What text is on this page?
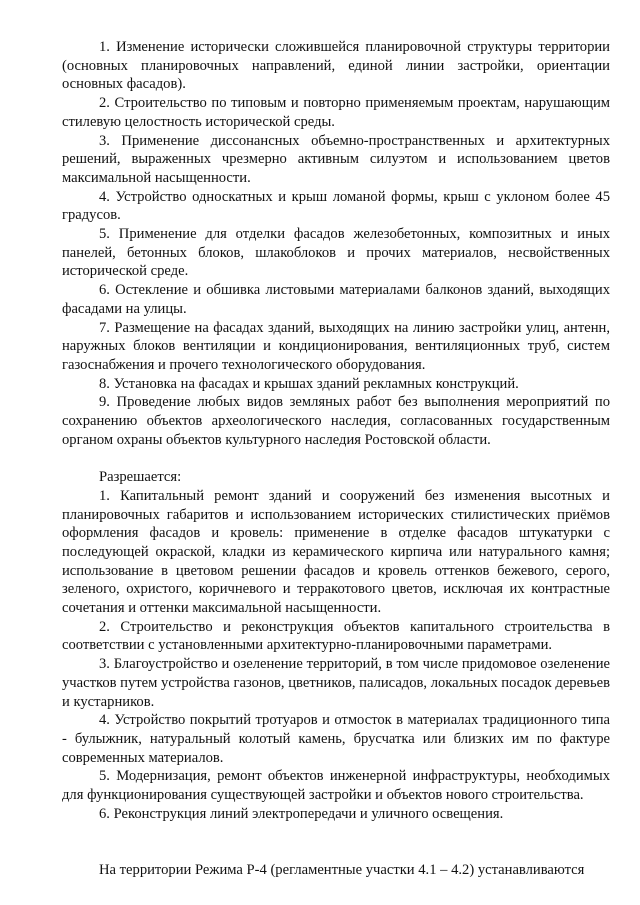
1. Изменение исторически сложившейся планировочной структуры территории (основных планировочных направлений, единой линии застройки, ориентации основных фасадов).

2. Строительство по типовым и повторно применяемым проектам, нарушающим стилевую целостность исторической среды.

3. Применение диссонансных объемно-пространственных и архитектурных решений, выраженных чрезмерно активным силуэтом и использованием цветов максимальной насыщенности.

4. Устройство односкатных и крыш ломаной формы, крыш с уклоном более 45 градусов.

5. Применение для отделки фасадов железобетонных, композитных и иных панелей, бетонных блоков, шлакоблоков и прочих материалов, несвойственных исторической среде.

6. Остекление и обшивка листовыми материалами балконов зданий, выходящих фасадами на улицы.

7. Размещение на фасадах зданий, выходящих на линию застройки улиц, антенн, наружных блоков вентиляции и кондиционирования, вентиляционных труб, систем газоснабжения и прочего технологического оборудования.

8. Установка на фасадах и крышах зданий рекламных конструкций.

9. Проведение любых видов земляных работ без выполнения мероприятий по сохранению объектов археологического наследия, согласованных государственным органом охраны объектов культурного наследия Ростовской области.

Разрешается:

1. Капитальный ремонт зданий и сооружений без изменения высотных и планировочных габаритов и использованием исторических стилистических приёмов оформления фасадов и кровель: применение в отделке фасадов штукатурки с последующей окраской, кладки из керамического кирпича или натурального камня; использование в цветовом решении фасадов и кровель оттенков бежевого, серого, зеленого, охристого, коричневого и терракотового цветов, исключая их контрастные сочетания и оттенки максимальной насыщенности.

2. Строительство и реконструкция объектов капитального строительства в соответствии с установленными архитектурно-планировочными параметрами.

3. Благоустройство и озеленение территорий, в том числе придомовое озеленение участков путем устройства газонов, цветников, палисадов, локальных посадок деревьев и кустарников.

4. Устройство покрытий тротуаров и отмосток в материалах традиционного типа - булыжник, натуральный колотый камень, брусчатка или близких им по фактуре современных материалов.

5. Модернизация, ремонт объектов инженерной инфраструктуры, необходимых для функционирования существующей застройки и объектов нового строительства.

6. Реконструкция линий электропередачи и уличного освещения.

На территории Режима Р-4 (регламентные участки 4.1 – 4.2) устанавливаются
